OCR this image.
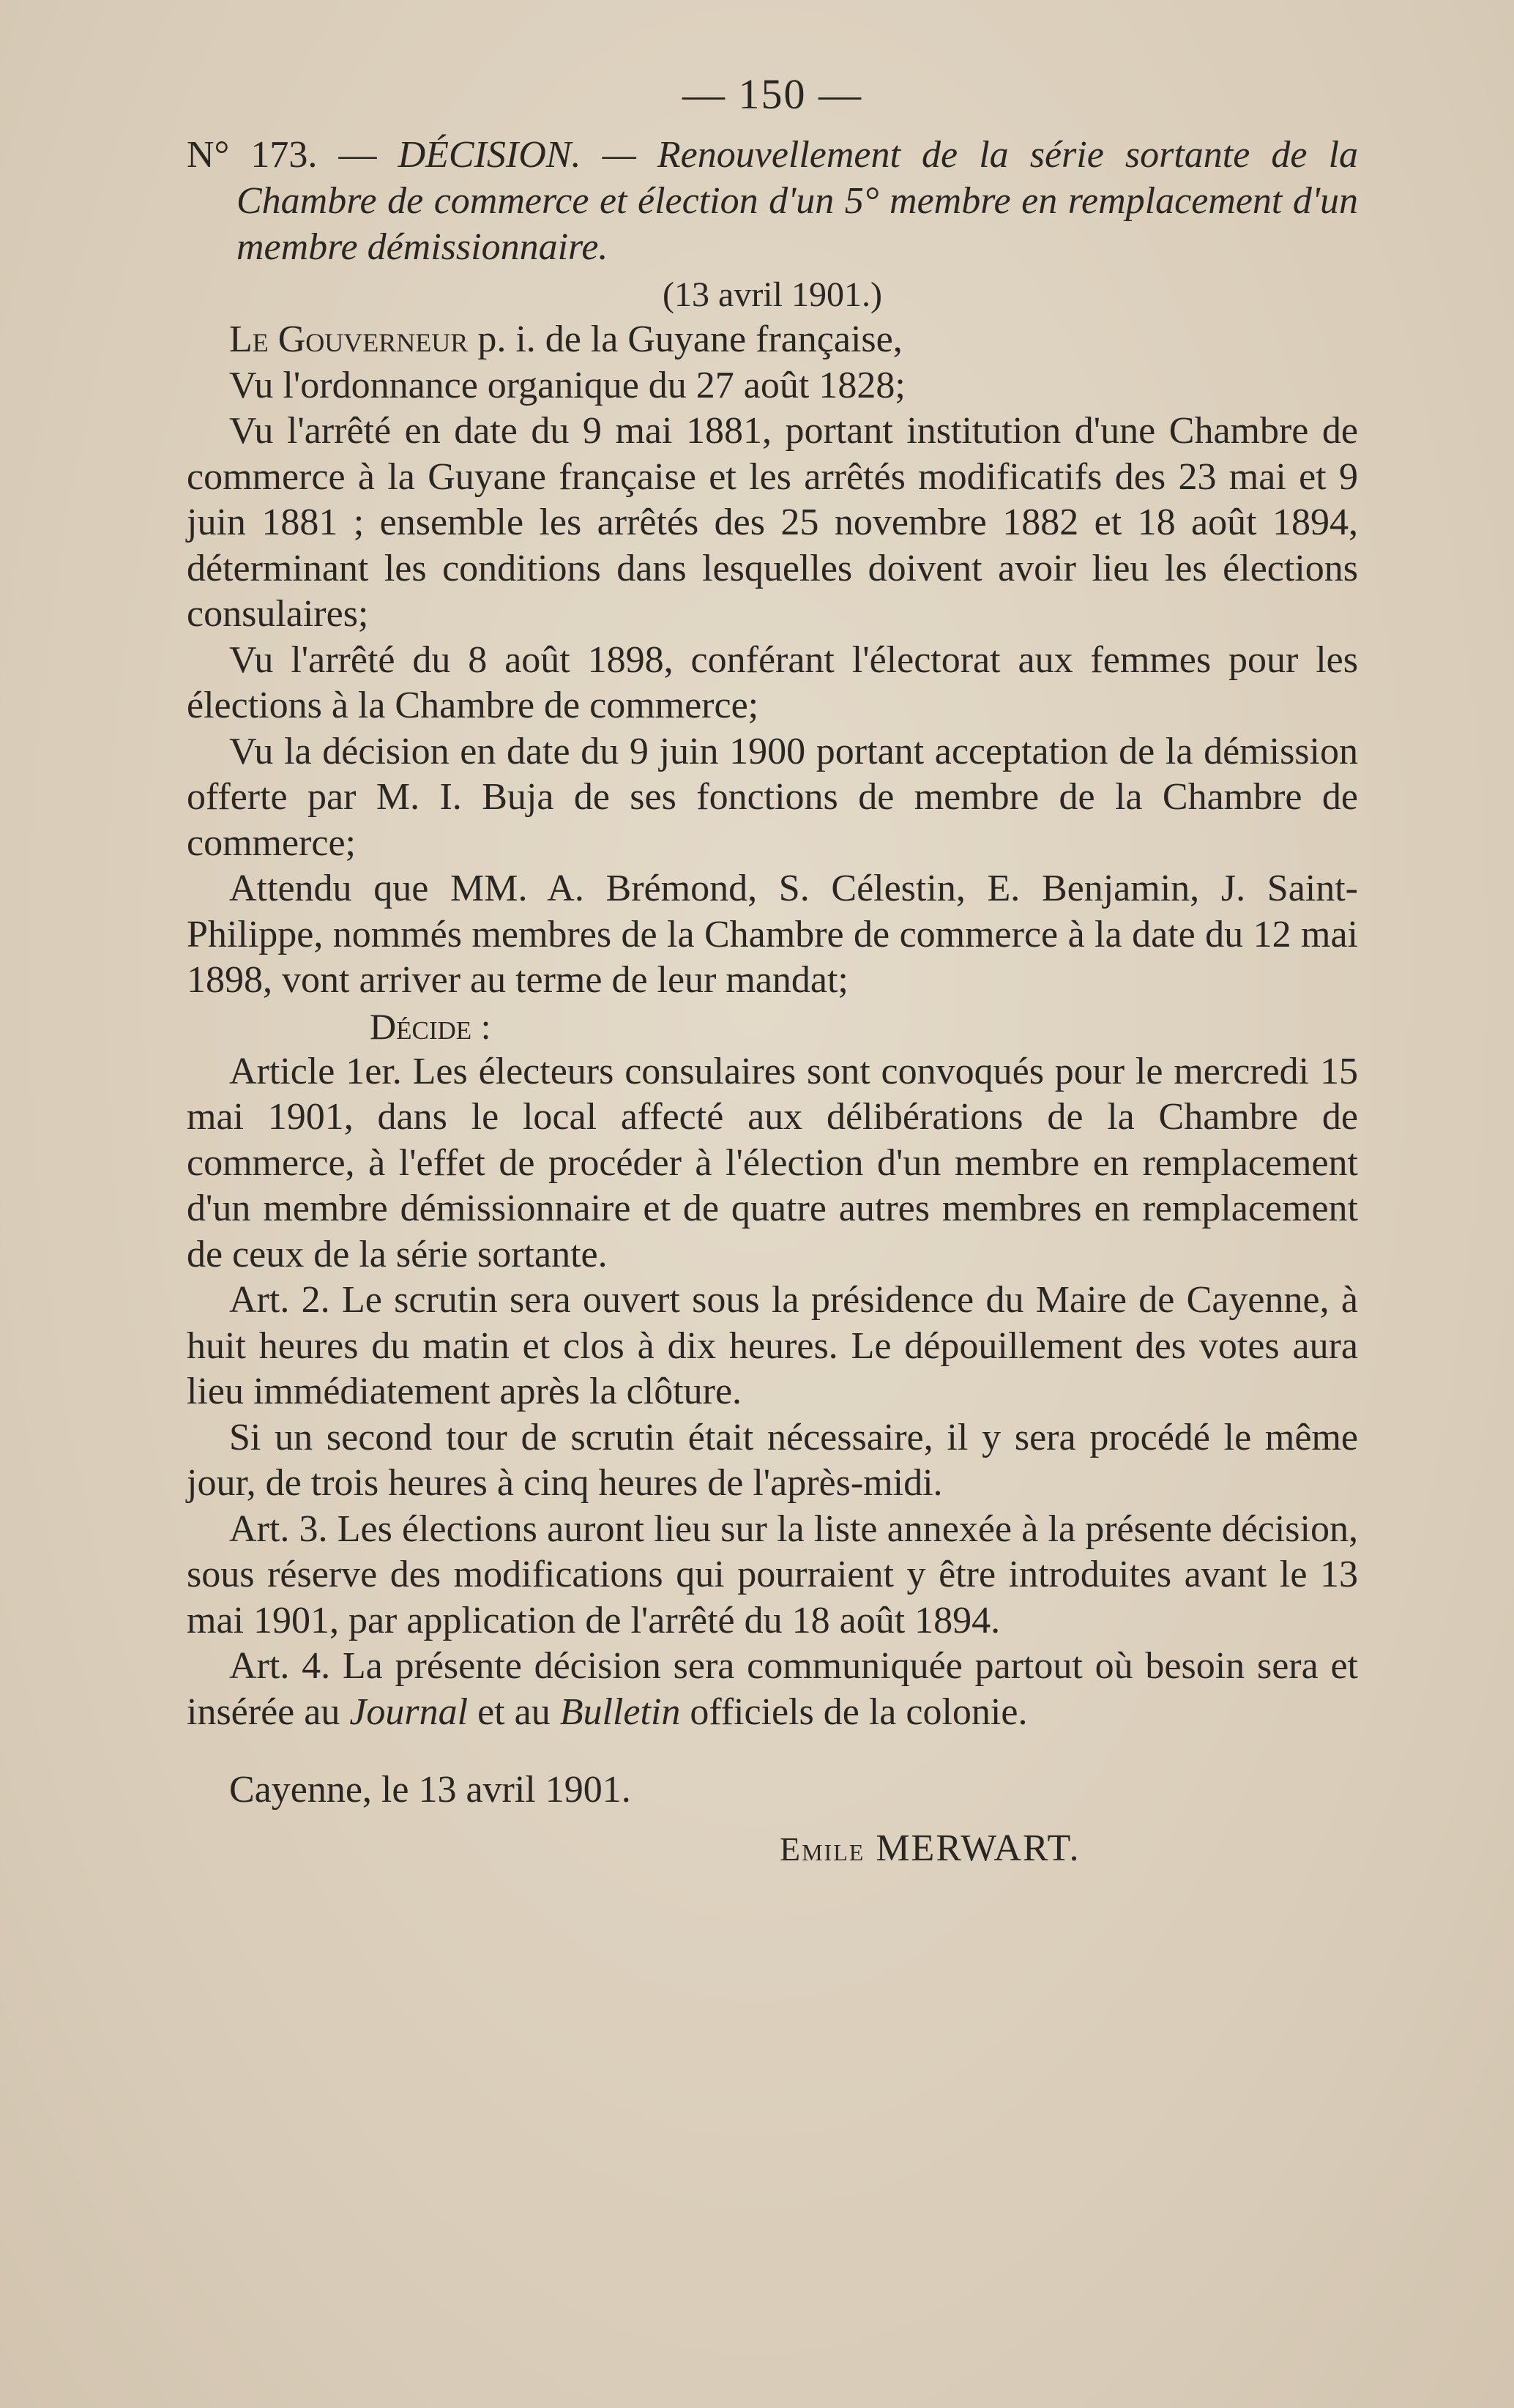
— 150 —

N° 173. — DÉCISION. — Renouvellement de la série sortante de la Chambre de commerce et élection d'un 5° membre en remplacement d'un membre démissionnaire.

(13 avril 1901.)

Le Gouverneur p. i. de la Guyane française,

Vu l'ordonnance organique du 27 août 1828;

Vu l'arrêté en date du 9 mai 1881, portant institution d'une Chambre de commerce à la Guyane française et les arrêtés modificatifs des 23 mai et 9 juin 1881 ; ensemble les arrêtés des 25 novembre 1882 et 18 août 1894, déterminant les conditions dans lesquelles doivent avoir lieu les élections consulaires;

Vu l'arrêté du 8 août 1898, conférant l'électorat aux femmes pour les élections à la Chambre de commerce;

Vu la décision en date du 9 juin 1900 portant acceptation de la démission offerte par M. I. Buja de ses fonctions de membre de la Chambre de commerce;

Attendu que MM. A. Brémond, S. Célestin, E. Benjamin, J. Saint-Philippe, nommés membres de la Chambre de commerce à la date du 12 mai 1898, vont arriver au terme de leur mandat;

Décide :

Article 1er. Les électeurs consulaires sont convoqués pour le mercredi 15 mai 1901, dans le local affecté aux délibérations de la Chambre de commerce, à l'effet de procéder à l'élection d'un membre en remplacement d'un membre démissionnaire et de quatre autres membres en remplacement de ceux de la série sortante.

Art. 2. Le scrutin sera ouvert sous la présidence du Maire de Cayenne, à huit heures du matin et clos à dix heures. Le dépouillement des votes aura lieu immédiatement après la clôture.

Si un second tour de scrutin était nécessaire, il y sera procédé le même jour, de trois heures à cinq heures de l'après-midi.

Art. 3. Les élections auront lieu sur la liste annexée à la présente décision, sous réserve des modifications qui pourraient y être introduites avant le 13 mai 1901, par application de l'arrêté du 18 août 1894.

Art. 4. La présente décision sera communiquée partout où besoin sera et insérée au Journal et au Bulletin officiels de la colonie.

Cayenne, le 13 avril 1901.
Emile MERWART.
